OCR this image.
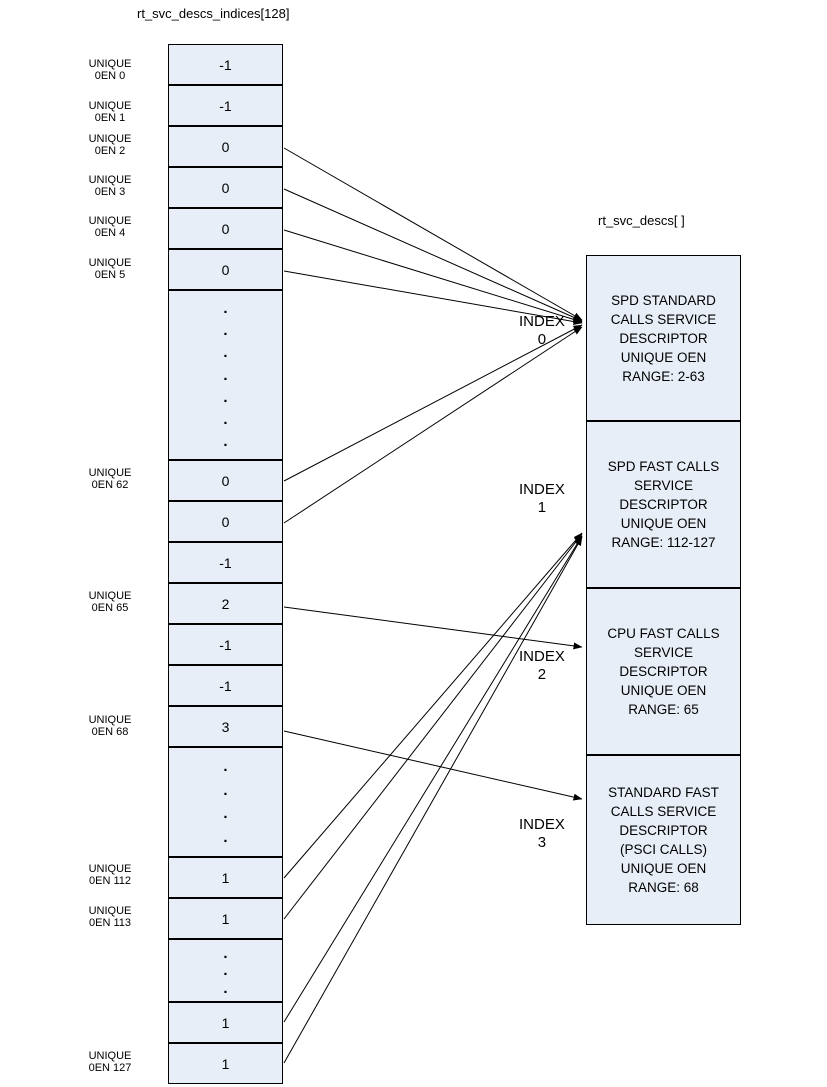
rt_svc_descs_indices[128]
rt_svc_descs[ ]
-1
-1
0
0
0
0
.
.
.
.
.
.
.
0
0
-1
2
-1
-1
3
.
.
.
.
1
1
.
.
.
1
1
UNIQUE
0EN 0
UNIQUE
0EN 1
UNIQUE
0EN 2
UNIQUE
0EN 3
UNIQUE
0EN 4
UNIQUE
0EN 5
UNIQUE
0EN 62
UNIQUE
0EN 65
UNIQUE
0EN 68
UNIQUE
0EN 112
UNIQUE
0EN 113
UNIQUE
0EN 127
SPD STANDARD
CALLS SERVICE
DESCRIPTOR
UNIQUE OEN
RANGE: 2-63
SPD FAST CALLS
SERVICE
DESCRIPTOR
UNIQUE OEN
RANGE: 112-127
CPU FAST CALLS
SERVICE
DESCRIPTOR
UNIQUE OEN
RANGE: 65
STANDARD FAST
CALLS SERVICE
DESCRIPTOR
(PSCI CALLS)
UNIQUE OEN
RANGE: 68
INDEX
0
INDEX
1
INDEX
2
INDEX
3
